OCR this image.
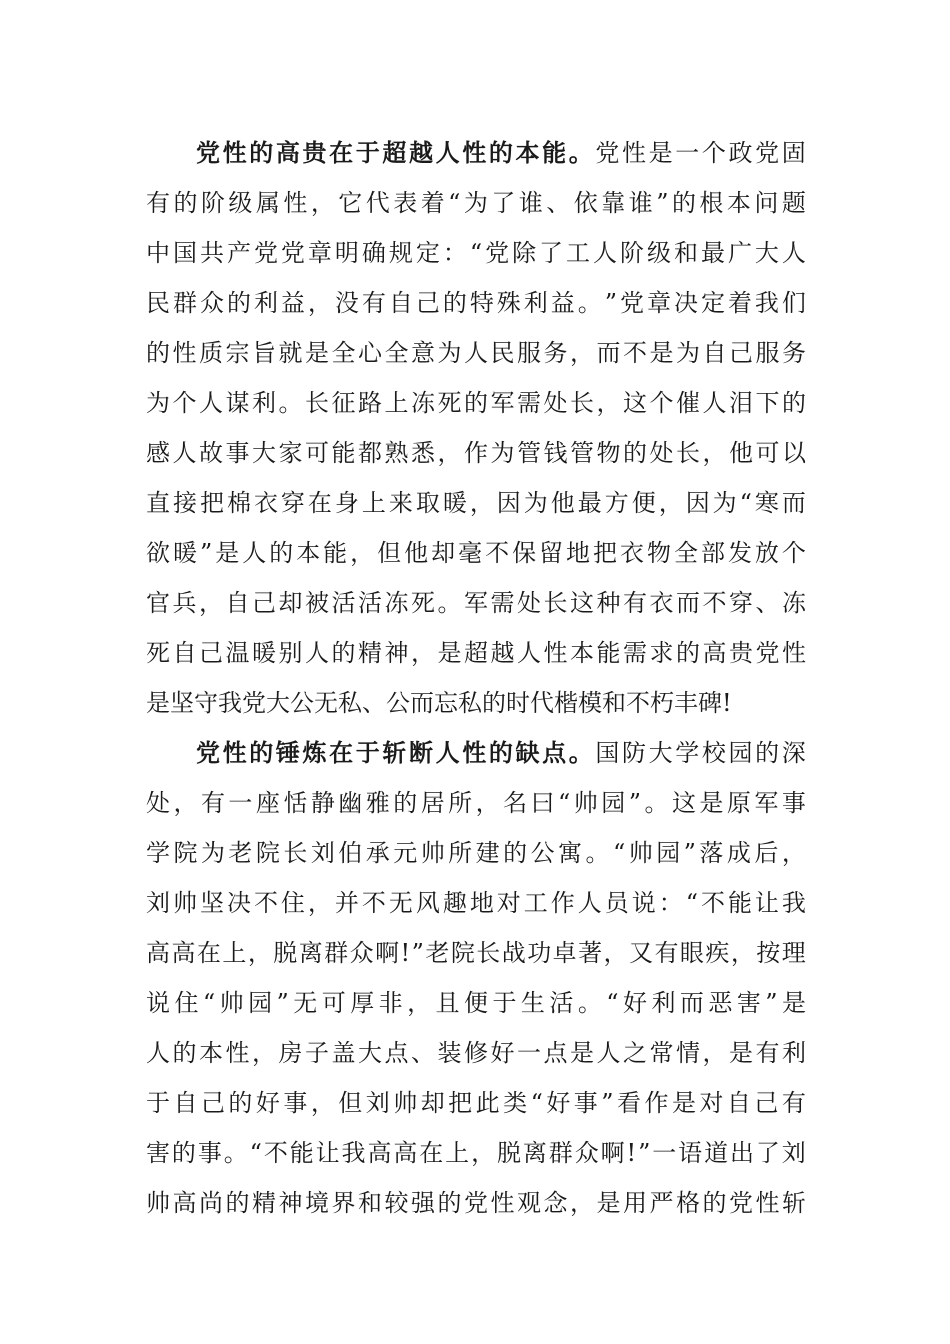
党 性 的 高 贵 在 于 超 越 人 性 的 本 能 。 党 性 是 一 个 政 党 固
有 的 阶 级 属 性 ， 它 代 表 着 “ 为 了 谁 、 依 靠 谁 ” 的 根 本 问 题
中 国 共 产 党 党 章 明 确 规 定 ： “ 党 除 了 工 人 阶 级 和 最 广 大 人
民 群 众 的 利 益 ， 没 有 自 己 的 特 殊 利 益 。 ” 党 章 决 定 着 我 们
的 性 质 宗 旨 就 是 全 心 全 意 为 人 民 服 务 ， 而 不 是 为 自 己 服 务
为 个 人 谋 利 。 长 征 路 上 冻 死 的 军 需 处 长 ， 这 个 催 人 泪 下 的
感 人 故 事 大 家 可 能 都 熟 悉 ， 作 为 管 钱 管 物 的 处 长 ， 他 可 以
直 接 把 棉 衣 穿 在 身 上 来 取 暖 ， 因 为 他 最 方 便 ， 因 为 “ 寒 而
欲 暖 ” 是 人 的 本 能 ， 但 他 却 毫 不 保 留 地 把 衣 物 全 部 发 放 个
官 兵 ， 自 己 却 被 活 活 冻 死 。 军 需 处 长 这 种 有 衣 而 不 穿 、 冻
死 自 己 温 暖 别 人 的 精 神 ， 是 超 越 人 性 本 能 需 求 的 高 贵 党 性
是坚守我党大公无私、公而忘私的时代楷模和不朽丰碑!
党 性 的 锤 炼 在 于 斩 断 人 性 的 缺 点 。 国 防 大 学 校 园 的 深
处 ， 有 一 座 恬 静 幽 雅 的 居 所 ， 名 曰 “ 帅 园 ” 。 这 是 原 军 事
学 院 为 老 院 长 刘 伯 承 元 帅 所 建 的 公 寓 。 “ 帅 园 ” 落 成 后 ，
刘 帅 坚 决 不 住 ， 并 不 无 风 趣 地 对 工 作 人 员 说 ： “ 不 能 让 我
高 高 在 上 ， 脱 离 群 众 啊 ! ” 老 院 长 战 功 卓 著 ， 又 有 眼 疾 ， 按 理
说 住 “ 帅 园 ” 无 可 厚 非 ， 且 便 于 生 活 。 “ 好 利 而 恶 害 ” 是
人 的 本 性 ， 房 子 盖 大 点 、 装 修 好 一 点 是 人 之 常 情 ， 是 有 利
于 自 己 的 好 事 ， 但 刘 帅 却 把 此 类 “ 好 事 ” 看 作 是 对 自 己 有
害 的 事 。 “ 不 能 让 我 高 高 在 上 ， 脱 离 群 众 啊 ! ” 一 语 道 出 了 刘
帅 高 尚 的 精 神 境 界 和 较 强 的 党 性 观 念 ， 是 用 严 格 的 党 性 斩
